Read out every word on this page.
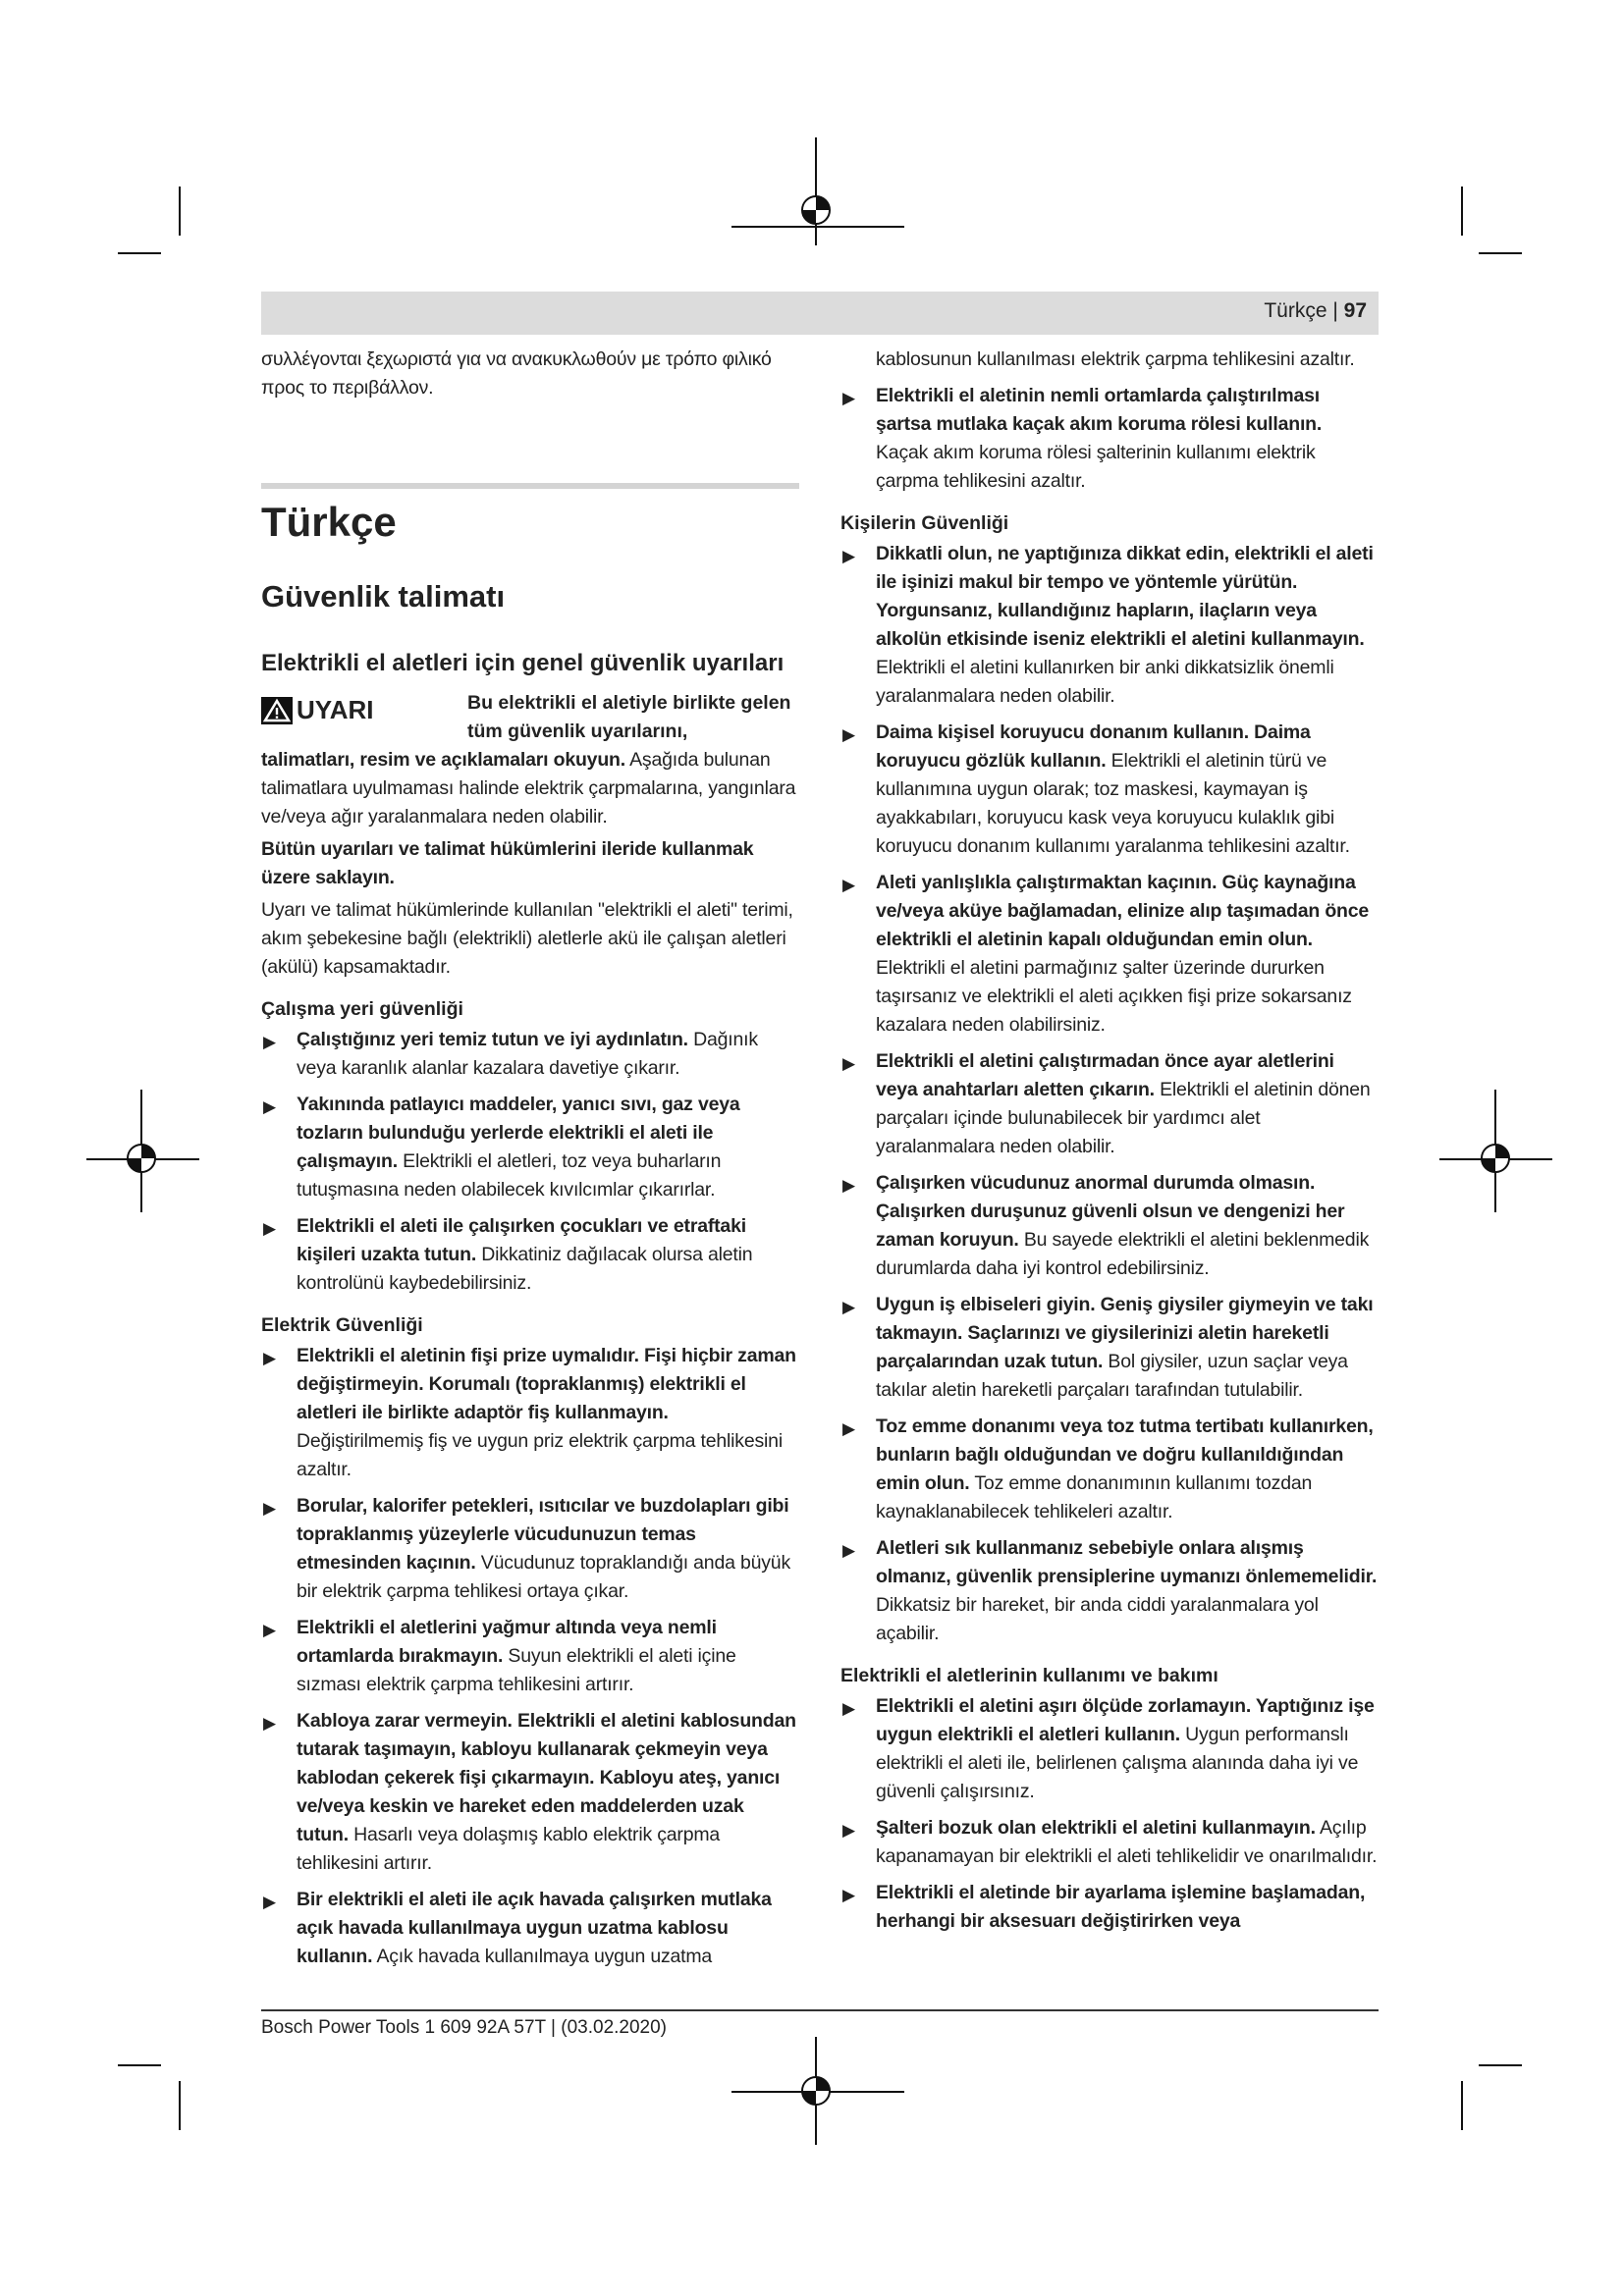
Türkçe | 97

συλλέγονται ξεχωριστά για να ανακυκλωθούν με τρόπο φιλικό προς το περιβάλλον.

Türkçe
Güvenlik talimatı
Elektrikli el aletleri için genel güvenlik uyarıları
UYARI	Bu elektrikli el aletiyle birlikte gelen tüm güvenlik uyarılarını,

talimatları, resim ve açıklamaları okuyun. Aşağıda bulunan talimatlara uyulmaması halinde elektrik çarpmalarına, yangınlara ve/veya ağır yaralanmalara neden olabilir.

Bütün uyarıları ve talimat hükümlerini ileride kullanmak üzere saklayın.

Uyarı ve talimat hükümlerinde kullanılan "elektrikli el aleti" terimi, akım şebekesine bağlı (elektrikli) aletlerle akü ile çalışan aletleri (akülü) kapsamaktadır.

Çalışma yeri güvenliği
▶ Çalıştığınız yeri temiz tutun ve iyi aydınlatın. Dağınık veya karanlık alanlar kazalara davetiye çıkarır.
▶ Yakınında patlayıcı maddeler, yanıcı sıvı, gaz veya tozların bulunduğu yerlerde elektrikli el aleti ile çalışmayın. Elektrikli el aletleri, toz veya buharların tutuşmasına neden olabilecek kıvılcımlar çıkarırlar.
▶ Elektrikli el aleti ile çalışırken çocukları ve etraftaki kişileri uzakta tutun. Dikkatiniz dağılacak olursa aletin kontrolünü kaybedebilirsiniz.
Elektrik Güvenliği
▶ Elektrikli el aletinin fişi prize uymalıdır. Fişi hiçbir zaman değiştirmeyin. Korumalı (topraklanmış) elektrikli el aletleri ile birlikte adaptör fiş kullanmayın. Değiştirilmemiş fiş ve uygun priz elektrik çarpma tehlikesini azaltır.
▶ Borular, kalorifer petekleri, ısıtıcılar ve buzdolapları gibi topraklanmış yüzeylerle vücudunuzun temas etmesinden kaçının. Vücudunuz topraklandığı anda büyük bir elektrik çarpma tehlikesi ortaya çıkar.
▶ Elektrikli el aletlerini yağmur altında veya nemli ortamlarda bırakmayın. Suyun elektrikli el aleti içine sızması elektrik çarpma tehlikesini artırır.
▶ Kabloya zarar vermeyin. Elektrikli el aletini kablosundan tutarak taşımayın, kabloyu kullanarak çekmeyin veya kablodan çekerek fişi çıkarmayın. Kabloyu ateş, yanıcı ve/veya keskin ve hareket eden maddelerden uzak tutun. Hasarlı veya dolaşmış kablo elektrik çarpma tehlikesini artırır.
▶ Bir elektrikli el aleti ile açık havada çalışırken mutlaka açık havada kullanılmaya uygun uzatma kablosu kullanın. Açık havada kullanılmaya uygun uzatma

kablosunun kullanılması elektrik çarpma tehlikesini azaltır.

▶ Elektrikli el aletinin nemli ortamlarda çalıştırılması şartsa mutlaka kaçak akım koruma rölesi kullanın. Kaçak akım koruma rölesi şalterinin kullanımı elektrik çarpma tehlikesini azaltır.
Kişilerin Güvenliği
▶ Dikkatli olun, ne yaptığınıza dikkat edin, elektrikli el aleti ile işinizi makul bir tempo ve yöntemle yürütün. Yorgunsanız, kullandığınız hapların, ilaçların veya alkolün etkisinde iseniz elektrikli el aletini kullanmayın. Elektrikli el aletini kullanırken bir anki dikkatsizlik önemli yaralanmalara neden olabilir.
▶ Daima kişisel koruyucu donanım kullanın. Daima koruyucu gözlük kullanın. Elektrikli el aletinin türü ve kullanımına uygun olarak; toz maskesi, kaymayan iş ayakkabıları, koruyucu kask veya koruyucu kulaklık gibi koruyucu donanım kullanımı yaralanma tehlikesini azaltır.
▶ Aleti yanlışlıkla çalıştırmaktan kaçının. Güç kaynağına ve/veya aküye bağlamadan, elinize alıp taşımadan önce elektrikli el aletinin kapalı olduğundan emin olun. Elektrikli el aletini parmağınız şalter üzerinde dururken taşırsanız ve elektrikli el aleti açıkken fişi prize sokarsanız kazalara neden olabilirsiniz.
▶ Elektrikli el aletini çalıştırmadan önce ayar aletlerini veya anahtarları aletten çıkarın. Elektrikli el aletinin dönen parçaları içinde bulunabilecek bir yardımcı alet yaralanmalara neden olabilir.
▶ Çalışırken vücudunuz anormal durumda olmasın. Çalışırken duruşunuz güvenli olsun ve dengenizi her zaman koruyun. Bu sayede elektrikli el aletini beklenmedik durumlarda daha iyi kontrol edebilirsiniz.
▶ Uygun iş elbiseleri giyin. Geniş giysiler giymeyin ve takı takmayın. Saçlarınızı ve giysilerinizi aletin hareketli parçalarından uzak tutun. Bol giysiler, uzun saçlar veya takılar aletin hareketli parçaları tarafından tutulabilir.
▶ Toz emme donanımı veya toz tutma tertibatı kullanırken, bunların bağlı olduğundan ve doğru kullanıldığından emin olun. Toz emme donanımının kullanımı tozdan kaynaklanabilecek tehlikeleri azaltır.
▶ Aletleri sık kullanmanız sebebiyle onlara alışmış olmanız, güvenlik prensiplerine uymanızı önlememelidir. Dikkatsiz bir hareket, bir anda ciddi yaralanmalara yol açabilir.
Elektrikli el aletlerinin kullanımı ve bakımı
▶ Elektrikli el aletini aşırı ölçüde zorlamayın. Yaptığınız işe uygun elektrikli el aletleri kullanın. Uygun performanslı elektrikli el aleti ile, belirlenen çalışma alanında daha iyi ve güvenli çalışırsınız.
▶ Şalteri bozuk olan elektrikli el aletini kullanmayın. Açılıp kapanamayan bir elektrikli el aleti tehlikelidir ve onarılmalıdır.
▶ Elektrikli el aletinde bir ayarlama işlemine başlamadan, herhangi bir aksesuarı değiştirirken veya
Bosch Power Tools 1 609 92A 57T | (03.02.2020)
